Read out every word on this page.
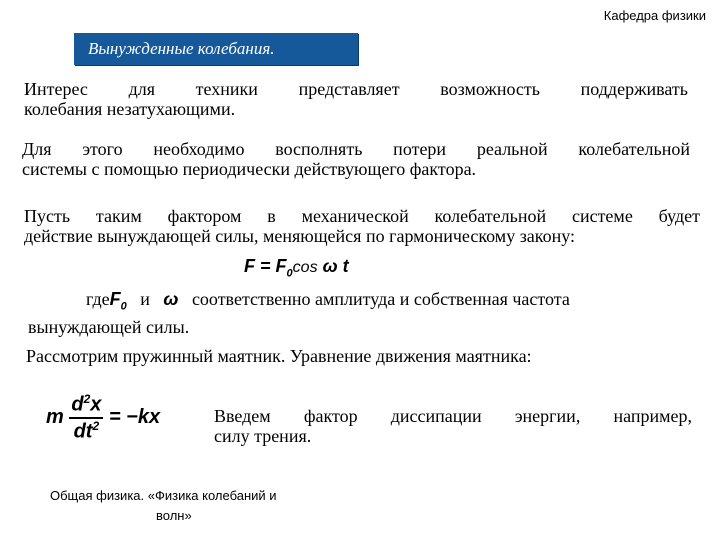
Кафедра физики
Вынужденные колебания.
Интерес для техники представляет возможность поддерживать
колебания незатухающими.
Для этого необходимо восполнять потери реальной колебательной
системы с помощью периодически действующего фактора.
Пусть таким фактором в механической колебательной системе будет
действие вынуждающей силы, меняющейся по гармоническому закону:
$F = F_0\cos$ ω t
гдеF$_0$ и ω соответственно амплитуда и собственная частота
вынуждающей силы.
Рассмотрим пружинный маятник. Уравнение движения маятника:
m $\frac{d^2x}{dt^2} = -kx$	Введем фактор диссипации энергии, например,
силу трения.
Общая физика. «Физика колебаний и
волн»
